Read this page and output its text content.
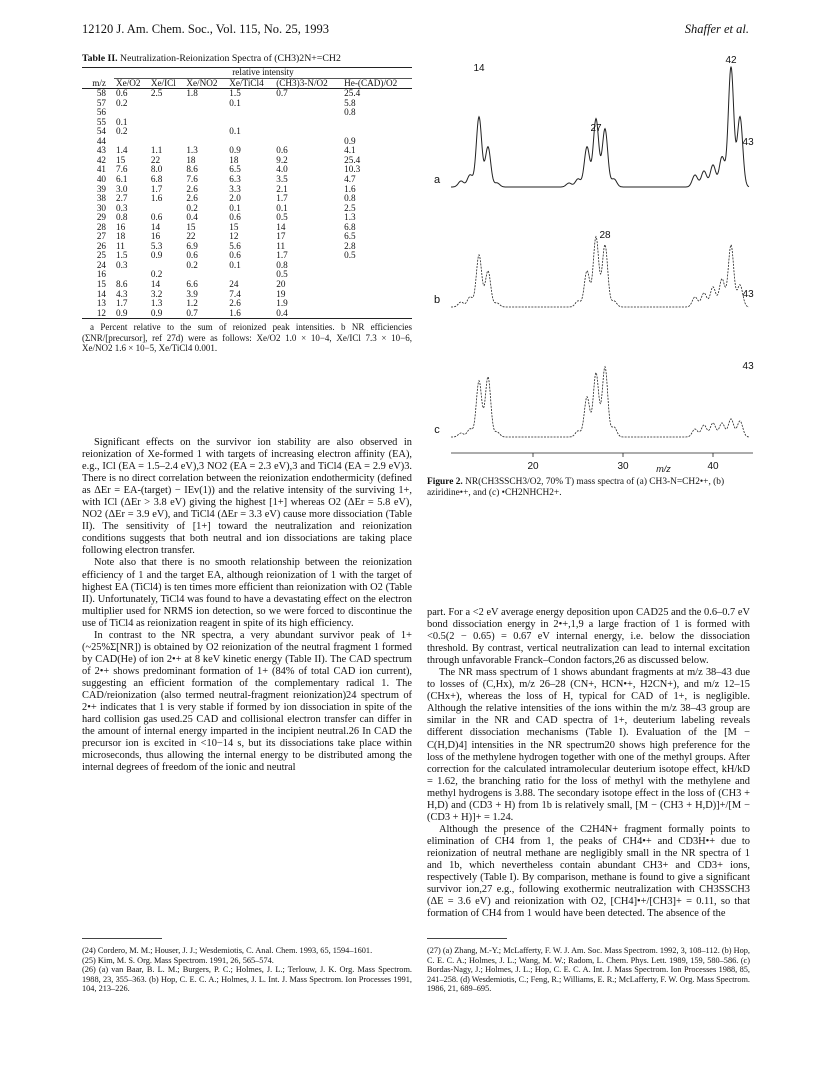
12120 J. Am. Chem. Soc., Vol. 115, No. 25, 1993	Shaffer et al.
Table II. Neutralization-Reionization Spectra of (CH3)2N+=CH2
	relative intensity					
m/z	Xe/O2	Xe/ICl	Xe/NO2	Xe/TiCl4	(CH3)3-N/O2	He-(CAD)/O2
58	0.6	2.5	1.8	1.5	0.7	25.4
57	0.2			0.1		5.8
56						0.8
55	0.1					
54	0.2			0.1		
44						0.9
43	1.4	1.1	1.3	0.9	0.6	4.1
42	15	22	18	18	9.2	25.4
41	7.6	8.0	8.6	6.5	4.0	10.3
40	6.1	6.8	7.6	6.3	3.5	4.7
39	3.0	1.7	2.6	3.3	2.1	1.6
38	2.7	1.6	2.6	2.0	1.7	0.8
30	0.3		0.2	0.1	0.1	2.5
29	0.8	0.6	0.4	0.6	0.5	1.3
28	16	14	15	15	14	6.8
27	18	16	22	12	17	6.5
26	11	5.3	6.9	5.6	11	2.8
25	1.5	0.9	0.6	0.6	1.7	0.5
24	0.3		0.2	0.1	0.8	
16		0.2			0.5	
15	8.6	14	6.6	24	20	
14	4.3	3.2	3.9	7.4	19	
13	1.7	1.3	1.2	2.6	1.9	
12	0.9	0.9	0.7	1.6	0.4	
a Percent relative to the sum of reionized peak intensities. b NR efficiencies (ΣNR/[precursor], ref 27d) were as follows: Xe/O2 1.0 × 10−4, Xe/ICl 7.3 × 10−6, Xe/NO2 1.6 × 10−5, Xe/TiCl4 0.001.
a
b
c
20	30	40
m/z
14
27
42
43
43
28
43
Figure 2. NR(CH3SSCH3/O2, 70% T) mass spectra of (a) CH3-N=CH2•+, (b) aziridine•+, and (c) •CH2NHCH2+.

Significant effects on the survivor ion stability are also observed in reionization of Xe-formed 1 with targets of increasing electron affinity (EA), e.g., ICl (EA = 1.5–2.4 eV),3 NO2 (EA = 2.3 eV),3 and TiCl4 (EA = 2.9 eV)3. There is no direct correlation between the reionization endothermicity (defined as ΔEr = EA-(target) − IEv(1)) and the relative intensity of the surviving 1+, with ICl (ΔEr > 3.8 eV) giving the highest [1+] whereas O2 (ΔEr = 5.8 eV), NO2 (ΔEr = 3.9 eV), and TiCl4 (ΔEr = 3.3 eV) cause more dissociation (Table II). The sensitivity of [1+] toward the neutralization and reionization conditions suggests that both neutral and ion dissociations are taking place following electron transfer.

Note also that there is no smooth relationship between the reionization efficiency of 1 and the target EA, although reionization of 1 with the target of highest EA (TiCl4) is ten times more efficient than reionization with O2 (Table II). Unfortunately, TiCl4 was found to have a devastating effect on the electron multiplier used for NRMS ion detection, so we were forced to discontinue the use of TiCl4 as reionization reagent in spite of its high efficiency.

In contrast to the NR spectra, a very abundant survivor peak of 1+ (~25%Σ[NR]) is obtained by O2 reionization of the neutral fragment 1 formed by CAD(He) of ion 2•+ at 8 keV kinetic energy (Table II). The CAD spectrum of 2•+ shows predominant formation of 1+ (84% of total CAD ion current), suggesting an efficient formation of the complementary radical 1. The CAD/reionization (also termed neutral-fragment reionization)24 spectrum of 2•+ indicates that 1 is very stable if formed by ion dissociation in spite of the hard collision gas used.25 CAD and collisional electron transfer can differ in the amount of internal energy imparted in the incipient neutral.26 In CAD the precursor ion is excited in <10−14 s, but its dissociations take place within microseconds, thus allowing the internal energy to be distributed among the internal degrees of freedom of the ionic and neutral

part. For a <2 eV average energy deposition upon CAD25 and the 0.6–0.7 eV bond dissociation energy in 2•+,1,9 a large fraction of 1 is formed with <0.5(2 − 0.65) = 0.67 eV internal energy, i.e. below the dissociation threshold. By contrast, vertical neutralization can lead to internal excitation through unfavorable Franck–Condon factors,26 as discussed below.

The NR mass spectrum of 1 shows abundant fragments at m/z 38–43 due to losses of (C,Hx), m/z 26–28 (CN+, HCN•+, H2CN+), and m/z 12–15 (CHx+), whereas the loss of H, typical for CAD of 1+, is negligible. Although the relative intensities of the ions within the m/z 38–43 group are similar in the NR and CAD spectra of 1+, deuterium labeling reveals different dissociation mechanisms (Table I). Evaluation of the [M − C(H,D)4] intensities in the NR spectrum20 shows high preference for the loss of the methylene hydrogen together with one of the methyl groups. After correction for the calculated intramolecular deuterium isotope effect, kH/kD = 1.62, the branching ratio for the loss of methyl with the methylene and methyl hydrogens is 3.88. The secondary isotope effect in the loss of (CH3 + H,D) and (CD3 + H) from 1b is relatively small, [M − (CH3 + H,D)]+/[M − (CD3 + H)]+ = 1.24.

Although the presence of the C2H4N+ fragment formally points to elimination of CH4 from 1, the peaks of CH4•+ and CD3H•+ due to reionization of neutral methane are negligibly small in the NR spectra of 1 and 1b, which nevertheless contain abundant CH3+ and CD3+ ions, respectively (Table I). By comparison, methane is found to give a significant survivor ion,27 e.g., following exothermic neutralization with CH3SSCH3 (ΔE = 3.6 eV) and reionization with O2, [CH4]•+/[CH3]+ = 0.11, so that formation of CH4 from 1 would have been detected. The absence of the

(24) Cordero, M. M.; Houser, J. J.; Wesdemiotis, C. Anal. Chem. 1993, 65, 1594–1601.

(25) Kim, M. S. Org. Mass Spectrom. 1991, 26, 565–574.

(26) (a) van Baar, B. L. M.; Burgers, P. C.; Holmes, J. L.; Terlouw, J. K. Org. Mass Spectrom. 1988, 23, 355–363. (b) Hop, C. E. C. A.; Holmes, J. L. Int. J. Mass Spectrom. Ion Processes 1991, 104, 213–226.

(27) (a) Zhang, M.-Y.; McLafferty, F. W. J. Am. Soc. Mass Spectrom. 1992, 3, 108–112. (b) Hop, C. E. C. A.; Holmes, J. L.; Wang, M. W.; Radom, L. Chem. Phys. Lett. 1989, 159, 580–586. (c) Bordas-Nagy, J.; Holmes, J. L.; Hop, C. E. C. A. Int. J. Mass Spectrom. Ion Processes 1988, 85, 241–258. (d) Wesdemiotis, C.; Feng, R.; Williams, E. R.; McLafferty, F. W. Org. Mass Spectrom. 1986, 21, 689–695.
